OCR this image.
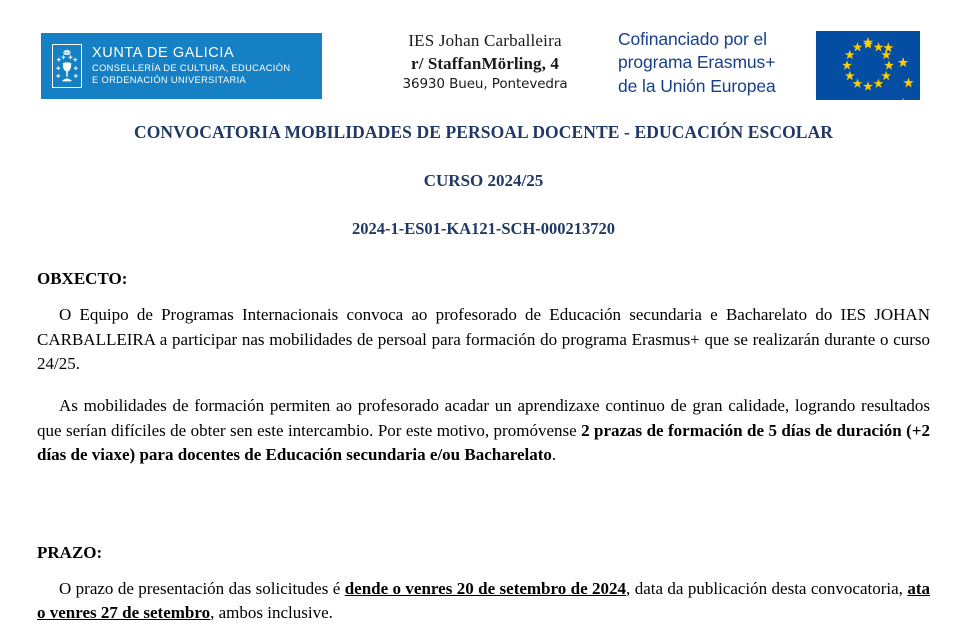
XUNTA DE GALICIA
CONSELLERÍA DE CULTURA, EDUCACIÓN
E ORDENACIÓN UNIVERSITARIA
IES Johan Carballeira
r/ StaffanMörling, 4
36930 Bueu, Pontevedra
Cofinanciado por el
programa Erasmus+
de la Unión Europea
CONVOCATORIA MOBILIDADES DE PERSOAL DOCENTE - EDUCACIÓN ESCOLAR
CURSO 2024/25
2024-1-ES01-KA121-SCH-000213720
OBXECTO:

O Equipo de Programas Internacionais convoca ao profesorado de Educación secundaria e Bacharelato do IES JOHAN CARBALLEIRA a participar nas mobilidades de persoal para formación do programa Erasmus+ que se realizarán durante o curso 24/25.

As mobilidades de formación permiten ao profesorado acadar un aprendizaxe continuo de gran calidade, logrando resultados que serían difíciles de obter sen este intercambio. Por este motivo, promóvense 2 prazas de formación de 5 días de duración (+2 días de viaxe) para docentes de Educación secundaria e/ou Bacharelato.

PRAZO:

O prazo de presentación das solicitudes é dende o venres 20 de setembro de 2024, data da publicación desta convocatoria, ata o venres 27 de setembro, ambos inclusive.
